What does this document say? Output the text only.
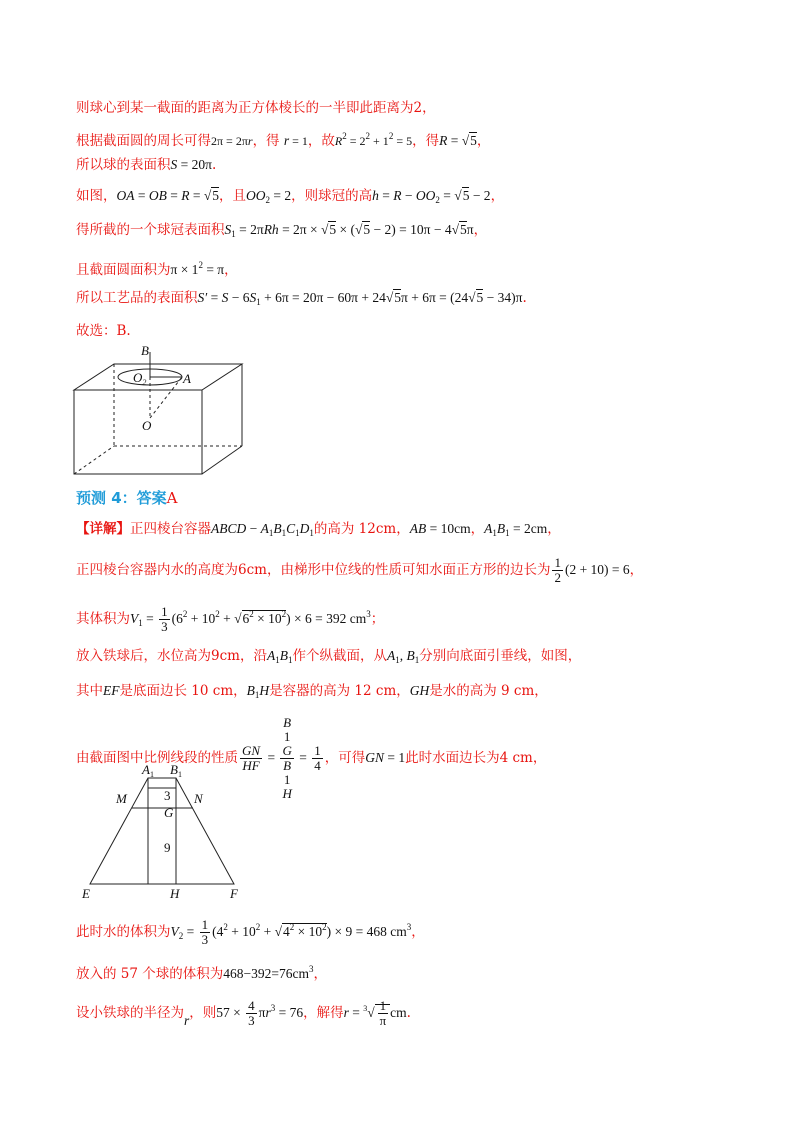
则球心到某一截面的距离为正方体棱长的一半即此距离为2，
根据截面圆的周长可得2π = 2πr，得 r = 1，故$R^2 = 2^2 + 1^2 = 5$，得R = √5，
所以球的表面积S = 20π.
如图，OA = OB = R = √5，且$OO_2 = 2$，则球冠的高$h = R - OO_2 = √5 - 2$，
得所截的一个球冠表面积$S_1 = 2\pi Rh = 2\pi \times √5 \times (√5 - 2) = 10\pi - 4√5\pi$，
且截面圆面积为$\pi \times 1^2 = \pi$，
所以工艺品的表面积$S' = S - 6S_1 + 6\pi = 20\pi - 60\pi + 24√5\pi + 6\pi = (24√5 - 34)\pi$.
故选：B.
B
$O_2$	A
O
预测 4：答案A
【详解】正四棱台容器ABCD − $A_1B_1C_1D_1$的高为 12cm，AB = 10cm，$A_1B_1 = 2cm$，
正四棱台容器内水的高度为6cm，由梯形中位线的性质可知水面正方形的边长为 $\frac{1}{2} (2 + 10) = 6$，
其体积为$V_1 = \frac{1}{3} (6^2 + 10^2 + √6^2 \times 10^2) \times 6 = 392$ $cm^3$；
放入铁球后，水位高为9cm，沿$A_1B_1$作个纵截面，从$A_1$, $B_1$分别向底面引垂线，如图，
其中EF是底面边长 10 cm，$B_1H$是容器的高为 12 cm，GH是水的高为 9 cm，
由截面图中比例线段的性质 $\frac{GN}{HF} = B$
1
G
B
1
$H = \frac{1}{4}$ ，可得GN = 1此时水面边长为4 cm，
$A_1$ $B_1$
M	N
3
G
9
E	H	F
此时水的体积为$V_2 = \frac{1}{3} (4^2 + 10^2 + √4^2 \times 10^2) \times 9 = 468$ $cm^3$，
放入的 57 个球的体积为$468-392=76cm^3$，
设小铁球的半径为r，则$57 \times \frac{4}{3} \pi r^3 = 76$，解得$r = ^3√ \frac{1}{\pi}$ cm.
